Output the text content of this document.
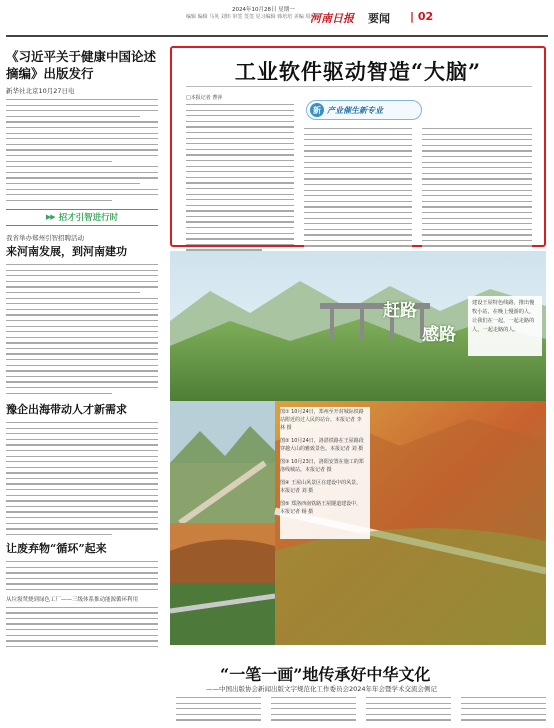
2024年10月28日 星期一
编辑 编辑 马英 刘炜 审签 签签 见习编辑 韩培培 美编 周琪琪
河南日报 要闻 | 02
《习近平关于健康中国论述摘编》出版发行
新华社北京10月27日电
▶▶ 招才引智进行时
我省举办郑州引智招聘活动
来河南发展，到河南建功
豫企出海带动人才新需求
让废弃物“循环”起来
从垃圾焚烧到绿色工厂——三级体系推动能源循环利用
工业软件驱动智造“大脑”
□本报记者 曹萍
新 产业催生新专业
赶路
感路
建设王屋特色线路，推出慢牧小站，在晚上慢游的人，让我们在一起，一起走路的人，一起走路的人。
图① 10月24日，郑州至开封城际铁路站附近的过人民的站台。本报记者 李林 摄
图② 10月24日，洛湛铁路在王屋路段穿越大山的雅致景色。本报记者 刘 摄
图③ 10月23日，洛阳安置在施工的郑洛线城站。本报记者 摄
图④ 王屋山风景区在建设中的风景。本报记者 刘 摄
图⑤ 郑洛西南铁路王屋隧道建设中，本报记者 杨 摄
“一笔一画”地传承好中华文化
——中国出版协会新闻出版文字规范化工作委员会2024年年会暨学术交流会侧记
